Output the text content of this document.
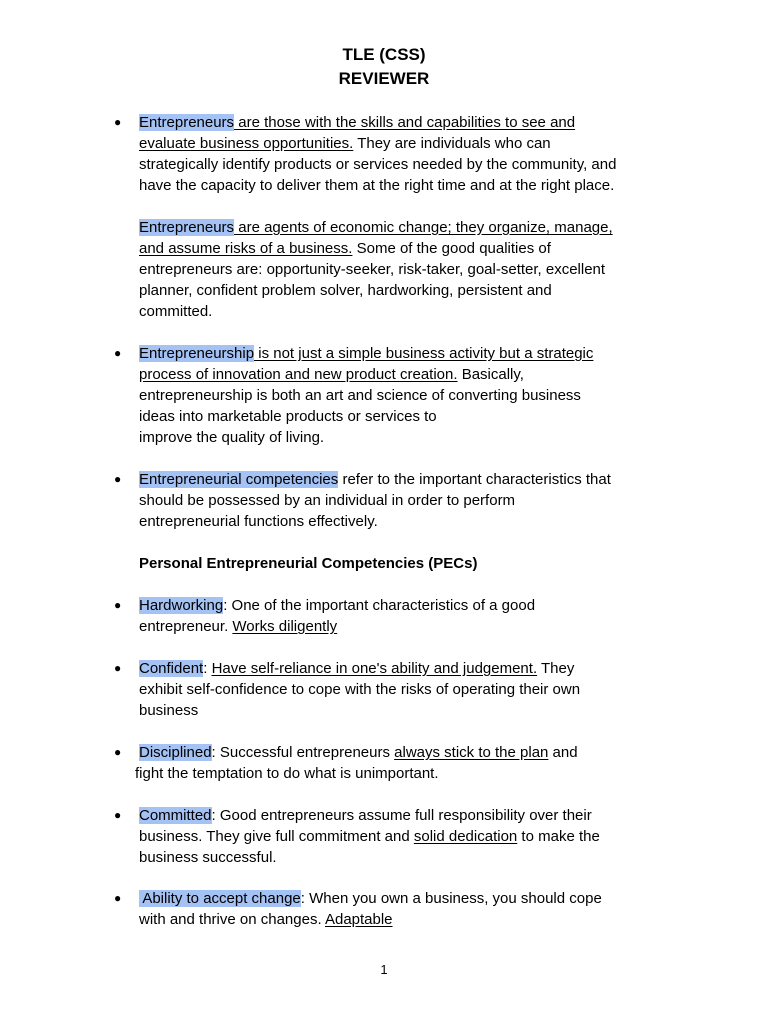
TLE (CSS)
REVIEWER
● Entrepreneurs are those with the skills and capabilities to see and
evaluate business opportunities. They are individuals who can
strategically identify products or services needed by the community, and
have the capacity to deliver them at the right time and at the right place.
Entrepreneurs are agents of economic change; they organize, manage,
and assume risks of a business. Some of the good qualities of
entrepreneurs are: opportunity-seeker, risk-taker, goal-setter, excellent
planner, confident problem solver, hardworking, persistent and
committed.
● Entrepreneurship is not just a simple business activity but a strategic
process of innovation and new product creation. Basically,
entrepreneurship is both an art and science of converting business
ideas into marketable products or services to
improve the quality of living.
● Entrepreneurial competencies refer to the important characteristics that
should be possessed by an individual in order to perform
entrepreneurial functions effectively.
Personal Entrepreneurial Competencies (PECs)
● Hardworking: One of the important characteristics of a good
entrepreneur. Works diligently
● Confident: Have self-reliance in one's ability and judgement. They
exhibit self-confidence to cope with the risks of operating their own
business
● Disciplined: Successful entrepreneurs always stick to the plan and
fight the temptation to do what is unimportant.
● Committed: Good entrepreneurs assume full responsibility over their
business. They give full commitment and solid dedication to make the
business successful.
● Ability to accept change: When you own a business, you should cope
with and thrive on changes. Adaptable
1
